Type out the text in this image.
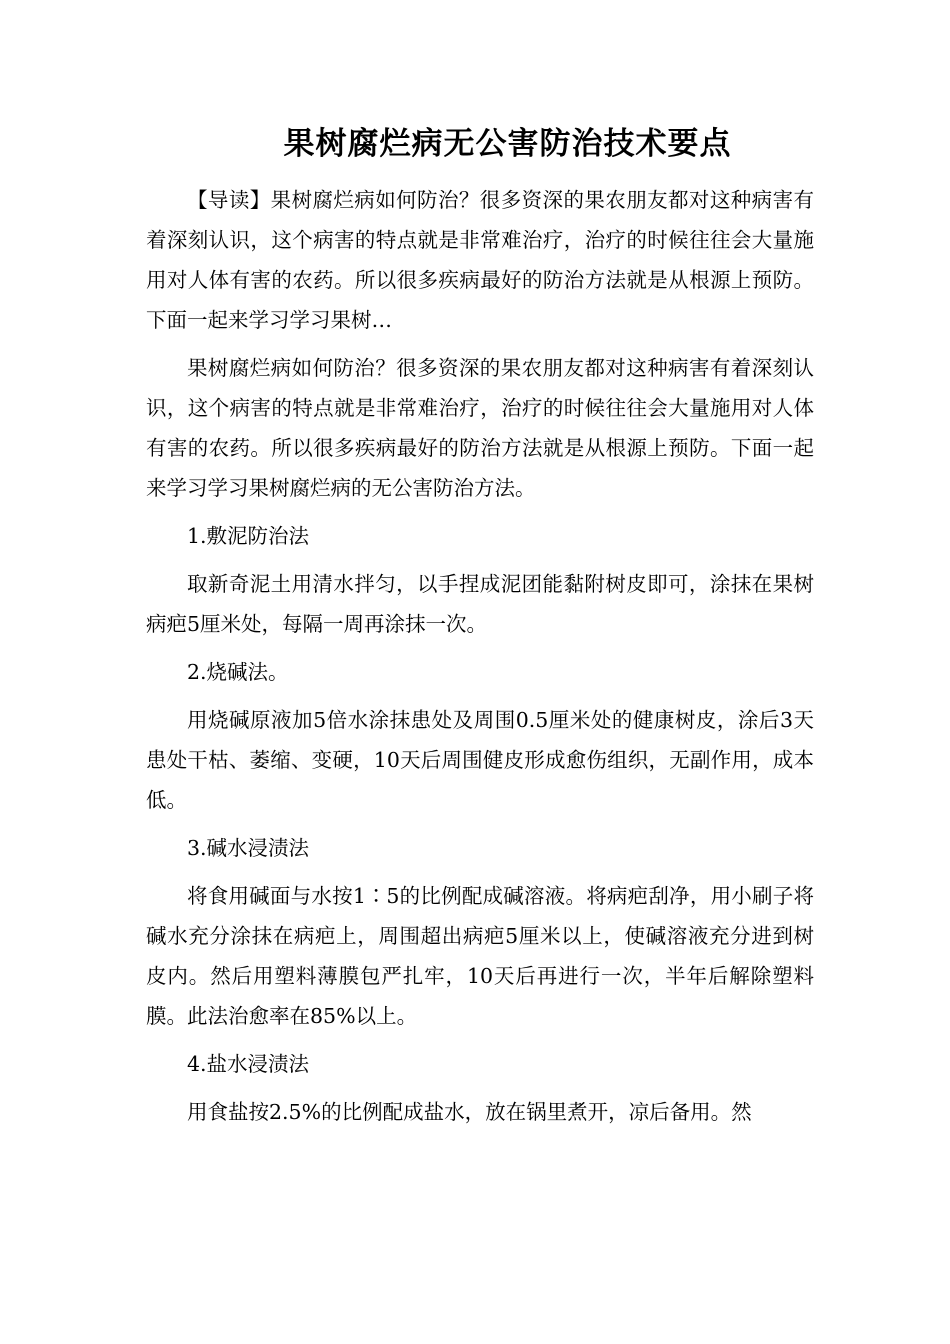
果树腐烂病无公害防治技术要点

【导读】果树腐烂病如何防治？很多资深的果农朋友都对这种病害有着深刻认识，这个病害的特点就是非常难治疗，治疗的时候往往会大量施用对人体有害的农药。所以很多疾病最好的防治方法就是从根源上预防。下面一起来学习学习果树…

果树腐烂病如何防治？很多资深的果农朋友都对这种病害有着深刻认识，这个病害的特点就是非常难治疗，治疗的时候往往会大量施用对人体有害的农药。所以很多疾病最好的防治方法就是从根源上预防。下面一起来学习学习果树腐烂病的无公害防治方法。

1.敷泥防治法

取新奇泥土用清水拌匀，以手捏成泥团能黏附树皮即可，涂抹在果树病疤5厘米处，每隔一周再涂抹一次。

2.烧碱法。

用烧碱原液加5倍水涂抹患处及周围0.5厘米处的健康树皮，涂后3天患处干枯、萎缩、变硬，10天后周围健皮形成愈伤组织，无副作用，成本低。

3.碱水浸渍法

将食用碱面与水按1∶5的比例配成碱溶液。将病疤刮净，用小刷子将碱水充分涂抹在病疤上，周围超出病疤5厘米以上，使碱溶液充分进到树皮内。然后用塑料薄膜包严扎牢，10天后再进行一次，半年后解除塑料膜。此法治愈率在85%以上。

4.盐水浸渍法

用食盐按2.5%的比例配成盐水，放在锅里煮开，凉后备用。然
